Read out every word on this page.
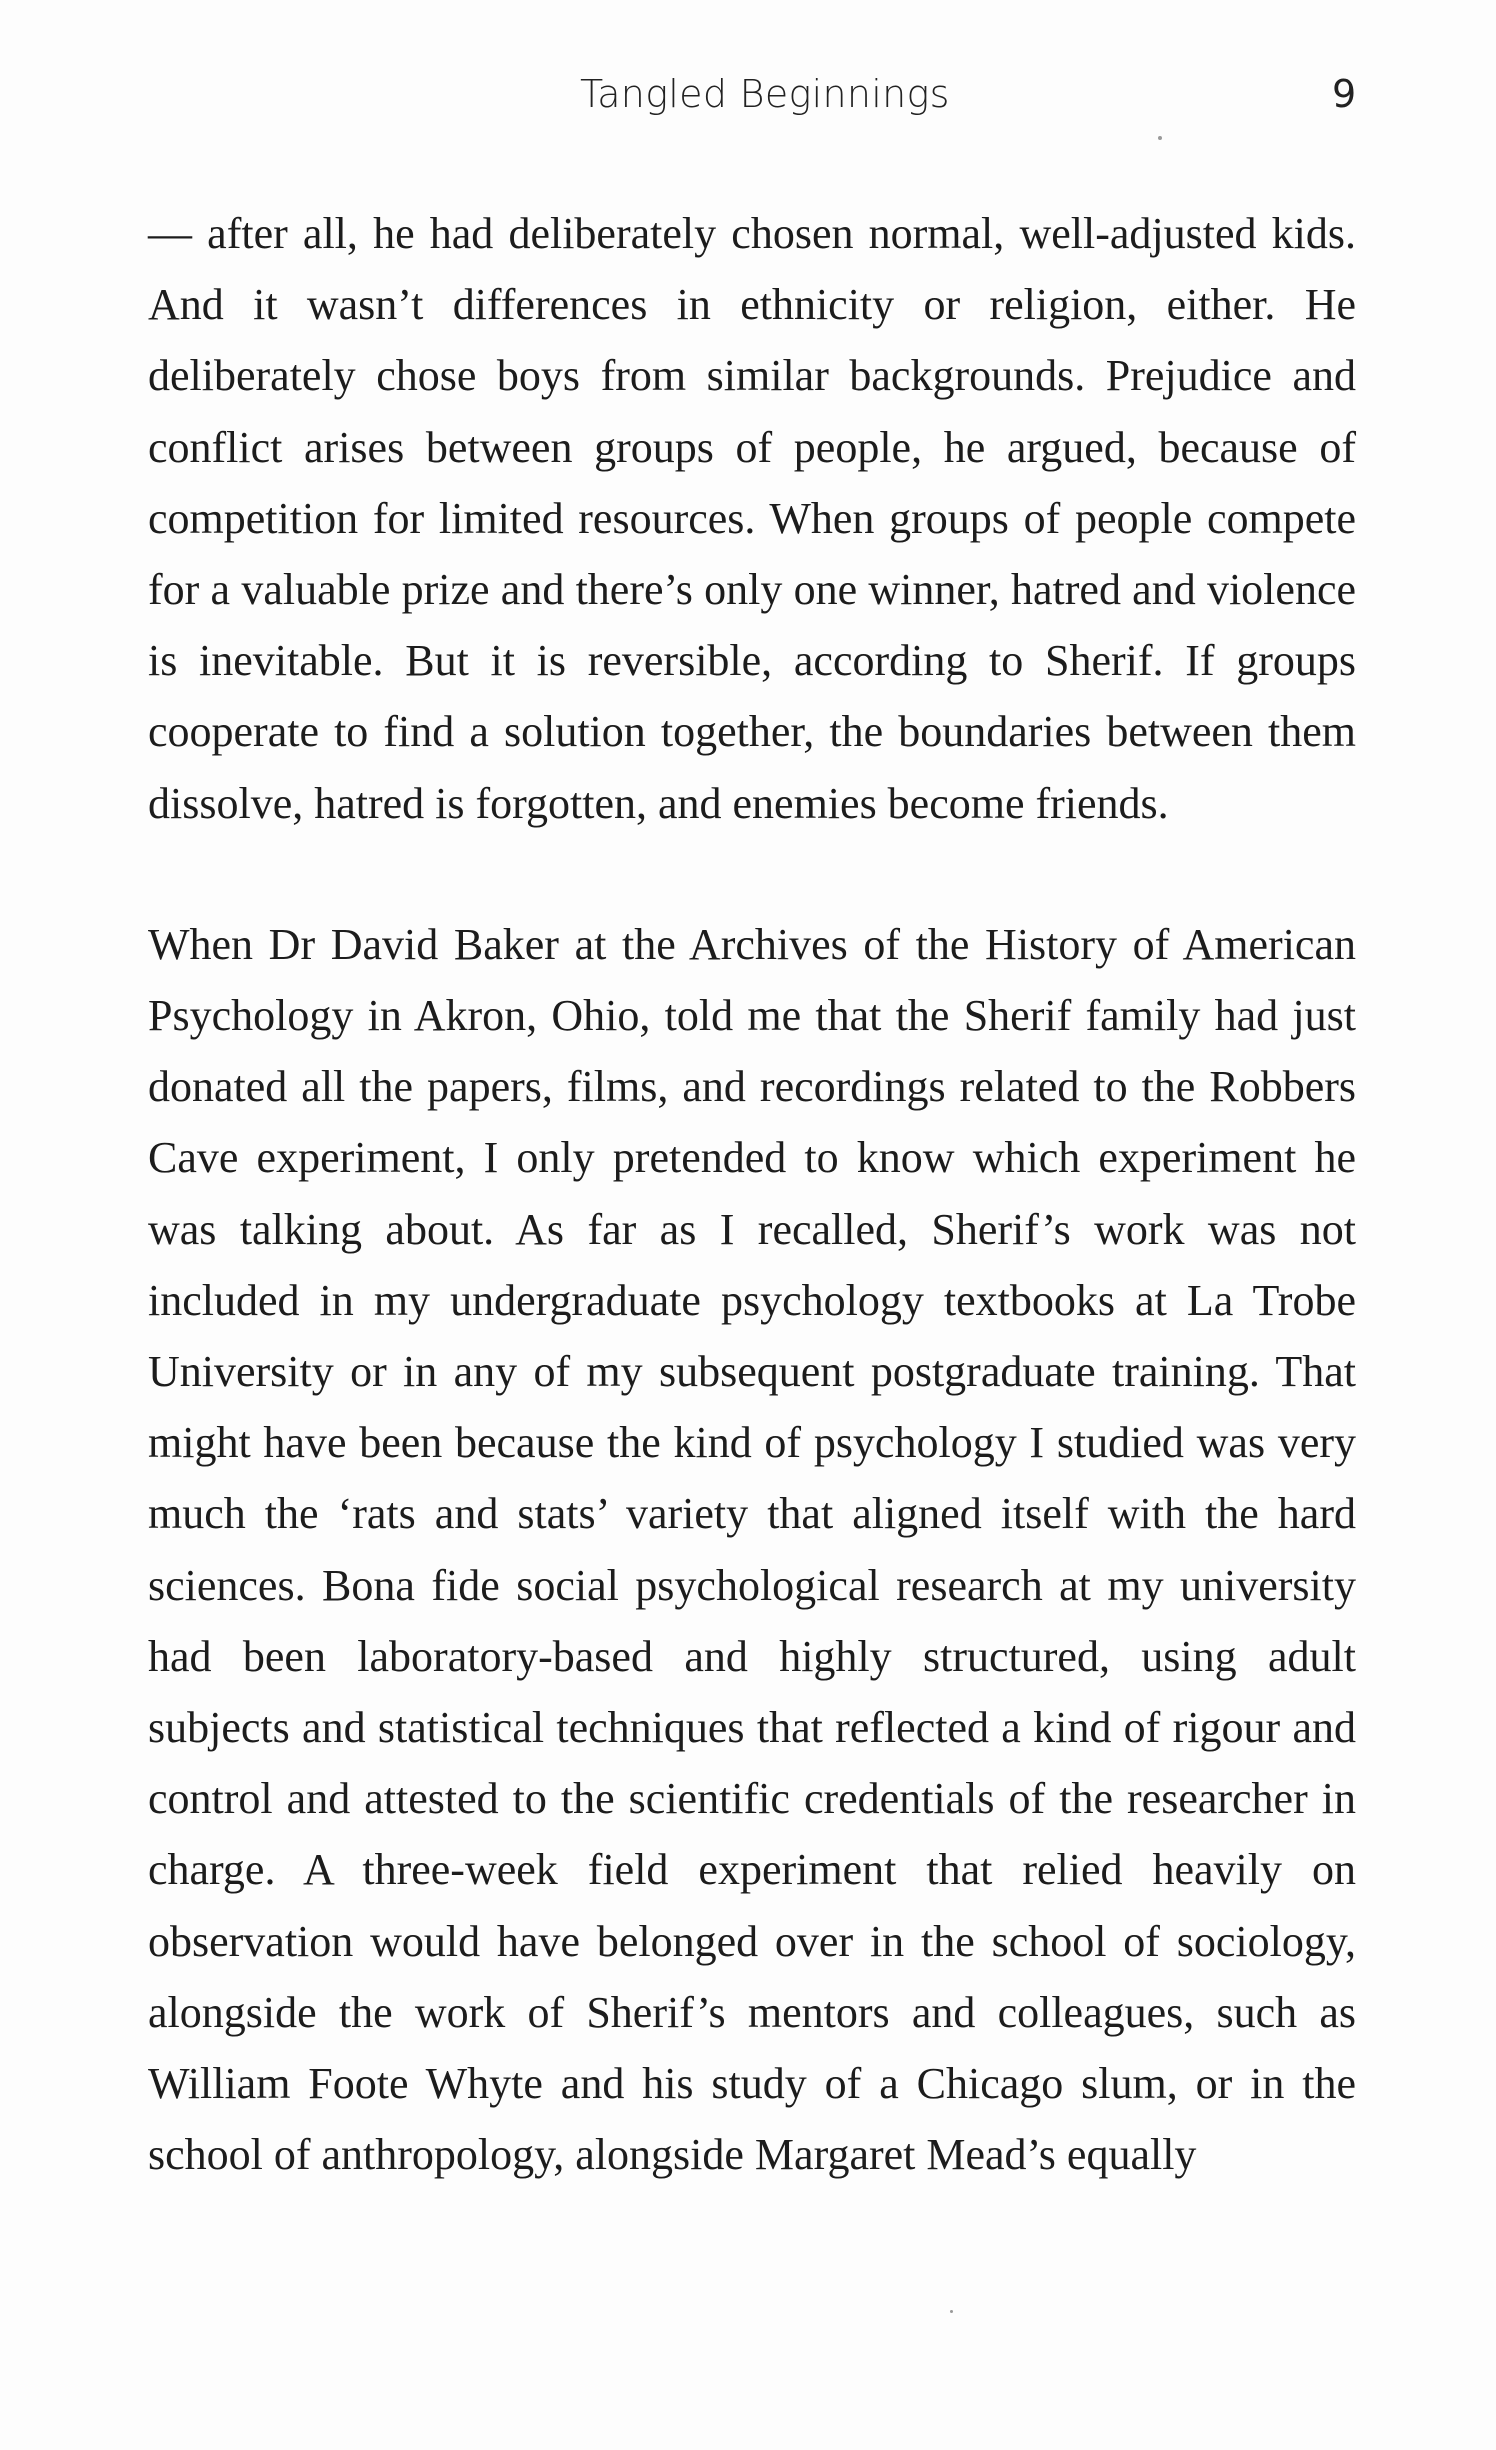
Tangled Beginnings	9

— after all, he had deliberately chosen normal, well-adjusted kids. And it wasn’t differences in ethnicity or religion, either. He deliberately chose boys from similar backgrounds. Prejudice and conflict arises between groups of people, he argued, because of competition for limited resources. When groups of people compete for a valuable prize and there’s only one winner, hatred and violence is inevitable. But it is reversible, according to Sherif. If groups cooperate to find a solution together, the boundaries between them dissolve, hatred is forgotten, and enemies become friends.

When Dr David Baker at the Archives of the History of American Psychology in Akron, Ohio, told me that the Sherif family had just donated all the papers, films, and recordings related to the Robbers Cave experiment, I only pretended to know which experiment he was talking about. As far as I recalled, Sherif’s work was not included in my undergraduate psychology textbooks at La Trobe University or in any of my subsequent postgraduate training. That might have been because the kind of psychology I studied was very much the ‘rats and stats’ variety that aligned itself with the hard sciences. Bona fide social psychological research at my university had been laboratory-based and highly structured, using adult subjects and statistical techniques that reflected a kind of rigour and control and attested to the scientific credentials of the researcher in charge. A three-week field experiment that relied heavily on observation would have belonged over in the school of sociology, alongside the work of Sherif’s mentors and colleagues, such as William Foote Whyte and his study of a Chicago slum, or in the school of anthropology, alongside Margaret Mead’s equally
